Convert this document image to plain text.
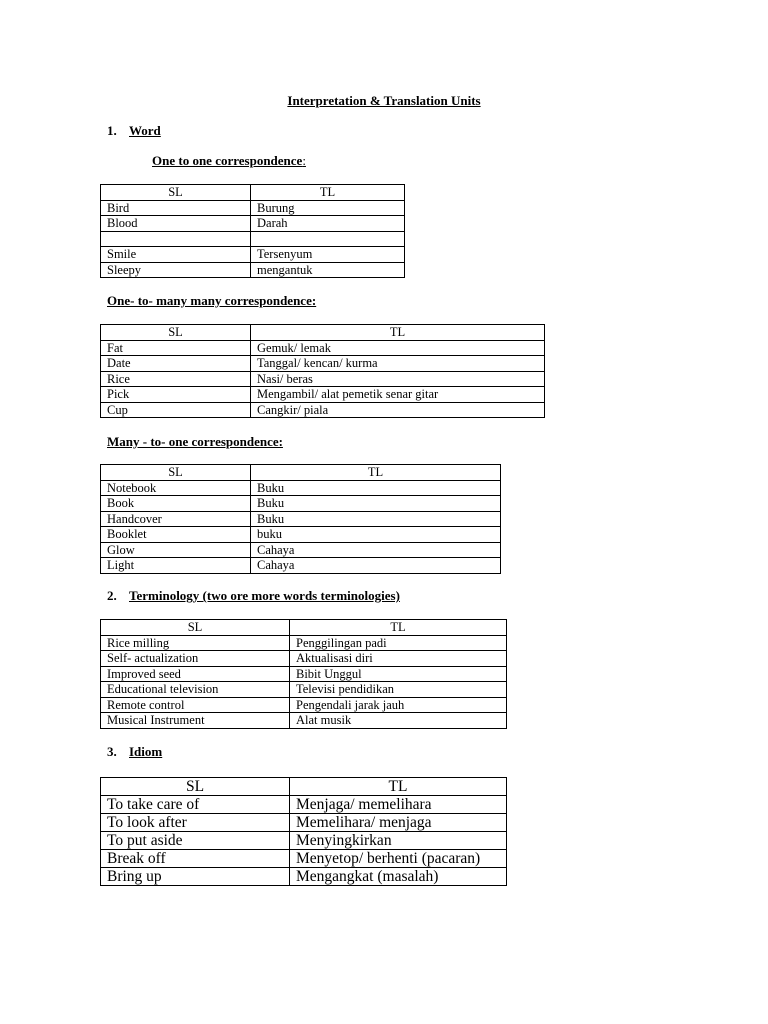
Interpretation & Translation Units
1. Word
One to one correspondence:
SL	TL
Bird	Burung
Blood	Darah

Smile	Tersenyum
Sleepy	mengantuk
One- to- many many correspondence:
SL	TL
Fat	Gemuk/ lemak
Date	Tanggal/ kencan/ kurma
Rice	Nasi/ beras
Pick	Mengambil/ alat pemetik senar gitar
Cup	Cangkir/ piala
Many - to- one correspondence:
SL	TL
Notebook	Buku
Book	Buku
Handcover	Buku
Booklet	buku
Glow	Cahaya
Light	Cahaya
2. Terminology (two ore more words terminologies)
SL	TL
Rice milling	Penggilingan padi
Self- actualization	Aktualisasi diri
Improved seed	Bibit Unggul
Educational television	Televisi pendidikan
Remote control	Pengendali jarak jauh
Musical Instrument	Alat musik
3. Idiom
SL	TL
To take care of	Menjaga/ memelihara
To look after	Memelihara/ menjaga
To put aside	Menyingkirkan
Break off	Menyetop/ berhenti (pacaran)
Bring up	Mengangkat (masalah)
